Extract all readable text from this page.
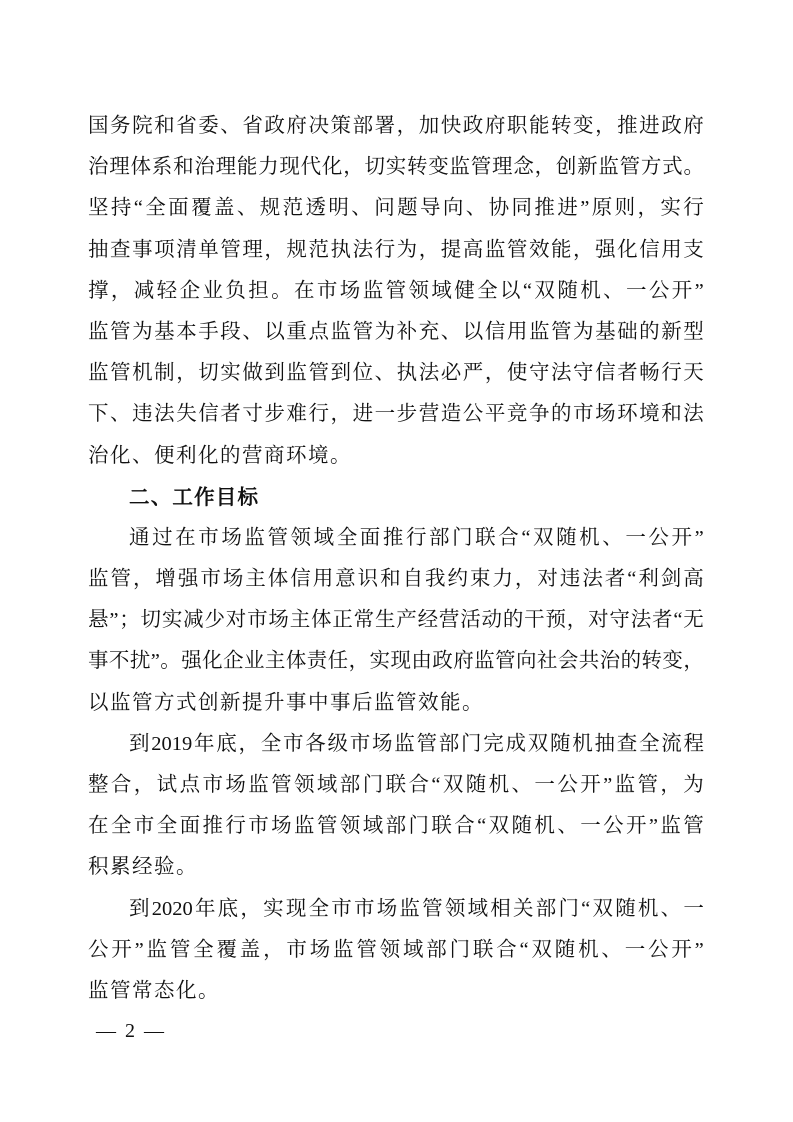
国 务 院 和 省 委 、 省 政 府 决 策 部 署 ， 加 快 政 府 职 能 转 变 ， 推 进 政 府
治 理 体 系 和 治 理 能 力 现 代 化 ， 切 实 转 变 监 管 理 念 ， 创 新 监 管 方 式 。
坚 持 “ 全 面 覆 盖 、 规 范 透 明 、 问 题 导 向 、 协 同 推 进 ” 原 则 ， 实 行
抽 查 事 项 清 单 管 理 ， 规 范 执 法 行 为 ， 提 高 监 管 效 能 ， 强 化 信 用 支
撑 ， 减 轻 企 业 负 担 。 在 市 场 监 管 领 域 健 全 以 “ 双 随 机 、 一 公 开 ”
监 管 为 基 本 手 段 、 以 重 点 监 管 为 补 充 、 以 信 用 监 管 为 基 础 的 新 型
监 管 机 制 ， 切 实 做 到 监 管 到 位 、 执 法 必 严 ， 使 守 法 守 信 者 畅 行 天
下 、 违 法 失 信 者 寸 步 难 行 ， 进 一 步 营 造 公 平 竞 争 的 市 场 环 境 和 法
治化、便利化的营商环境。
二、工作目标
通 过 在 市 场 监 管 领 域 全 面 推 行 部 门 联 合 “ 双 随 机 、 一 公 开 ”
监 管 ， 增 强 市 场 主 体 信 用 意 识 和 自 我 约 束 力 ， 对 违 法 者 “ 利 剑 高
悬 ” ； 切 实 减 少 对 市 场 主 体 正 常 生 产 经 营 活 动 的 干 预 ， 对 守 法 者 “ 无
事 不 扰 ” 。 强 化 企 业 主 体 责 任 ， 实 现 由 政 府 监 管 向 社 会 共 治 的 转 变 ，
以监管方式创新提升事中事后监管效能。
到 2019 年 底 ， 全 市 各 级 市 场 监 管 部 门 完 成 双 随 机 抽 查 全 流 程
整 合 ， 试 点 市 场 监 管 领 域 部 门 联 合 “ 双 随 机 、 一 公 开 ” 监 管 ， 为
在 全 市 全 面 推 行 市 场 监 管 领 域 部 门 联 合 “ 双 随 机 、 一 公 开 ” 监 管
积累经验。
到 2020 年 底 ， 实 现 全 市 市 场 监 管 领 域 相 关 部 门 “ 双 随 机 、 一
公 开 ” 监 管 全 覆 盖 ， 市 场 监 管 领 域 部 门 联 合 “ 双 随 机 、 一 公 开 ”
监管常态化。
— 2 —
